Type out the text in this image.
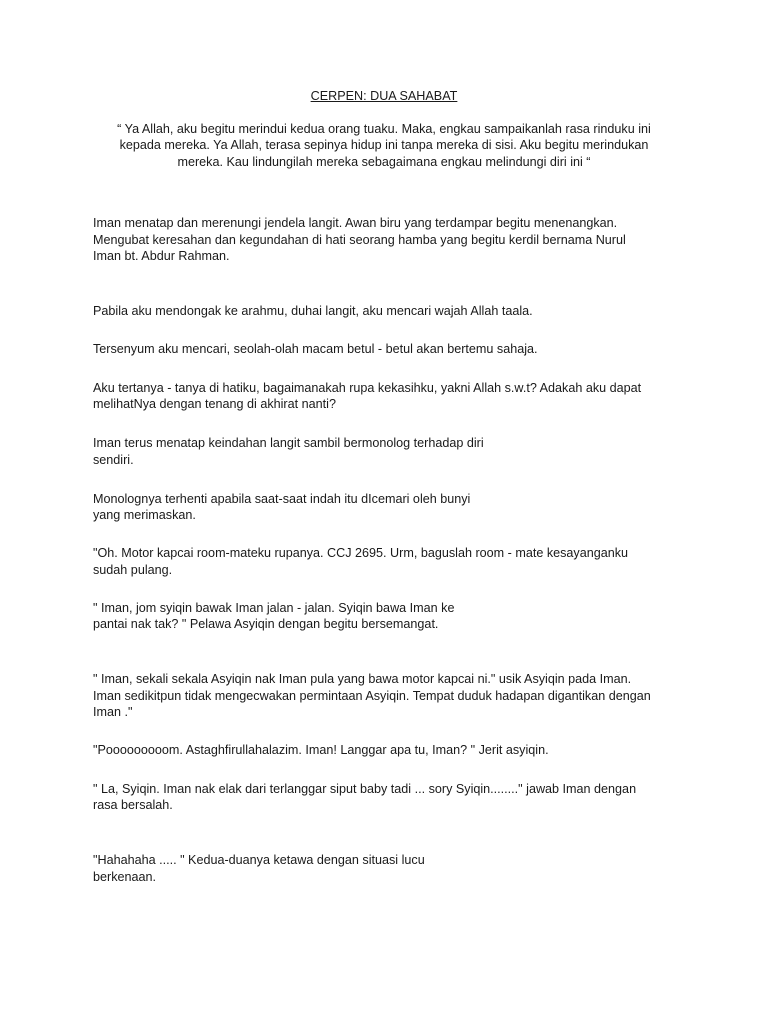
CERPEN: DUA SAHABAT

“ Ya Allah, aku begitu merindui kedua orang tuaku. Maka, engkau sampaikanlah rasa rinduku ini

kepada mereka. Ya Allah, terasa sepinya hidup ini tanpa mereka di sisi. Aku begitu merindukan

mereka. Kau lindungilah mereka sebagaimana engkau melindungi diri ini “

Iman menatap dan merenungi jendela langit. Awan biru yang terdampar begitu menenangkan.

Mengubat keresahan dan kegundahan di hati seorang hamba yang begitu kerdil bernama Nurul

Iman bt. Abdur Rahman.

Pabila aku mendongak ke arahmu, duhai langit, aku mencari wajah Allah taala.

Tersenyum aku mencari, seolah-olah macam betul - betul akan bertemu sahaja.

Aku tertanya - tanya di hatiku, bagaimanakah rupa kekasihku, yakni Allah s.w.t? Adakah aku dapat

melihatNya dengan tenang di akhirat nanti?

Iman terus menatap keindahan langit sambil bermonolog terhadap diri

sendiri.

Monolognya terhenti apabila saat-saat indah itu dIcemari oleh bunyi

yang merimaskan.

"Oh. Motor kapcai room-mateku rupanya. CCJ 2695. Urm, baguslah room - mate kesayanganku

sudah pulang.

" Iman, jom syiqin bawak Iman jalan - jalan. Syiqin bawa Iman ke

pantai nak tak? " Pelawa Asyiqin dengan begitu bersemangat.

" Iman, sekali sekala Asyiqin nak Iman pula yang bawa motor kapcai ni." usik Asyiqin pada Iman.

Iman sedikitpun tidak mengecwakan permintaan Asyiqin. Tempat duduk hadapan digantikan dengan

Iman ."

"Pooooooooom. Astaghfirullahalazim. Iman! Langgar apa tu, Iman? " Jerit asyiqin.

" La, Syiqin. Iman nak elak dari terlanggar siput baby tadi ... sory Syiqin........" jawab Iman dengan

rasa bersalah.

"Hahahaha ..... " Kedua-duanya ketawa dengan situasi lucu

berkenaan.
